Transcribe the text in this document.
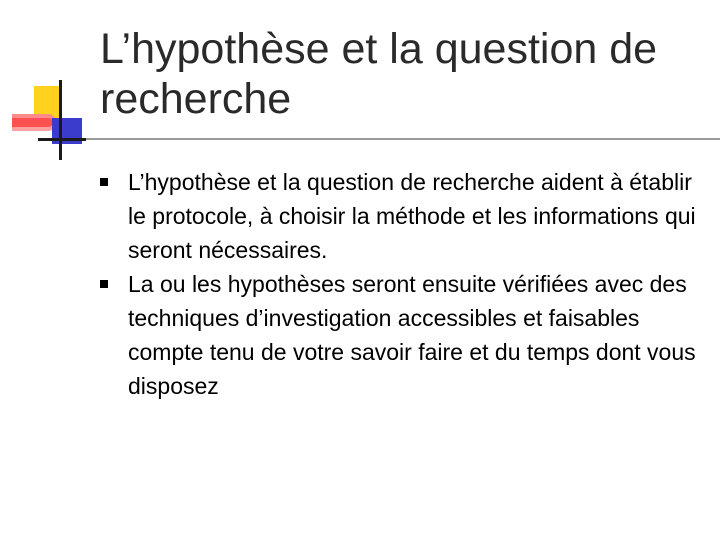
L’hypothèse et la question de recherche
L’hypothèse et la question de recherche aident à établir le protocole, à choisir la méthode et les informations qui seront nécessaires.
La ou les hypothèses seront ensuite vérifiées avec des techniques d’investigation accessibles et faisables compte tenu de votre savoir faire et du temps dont vous disposez
